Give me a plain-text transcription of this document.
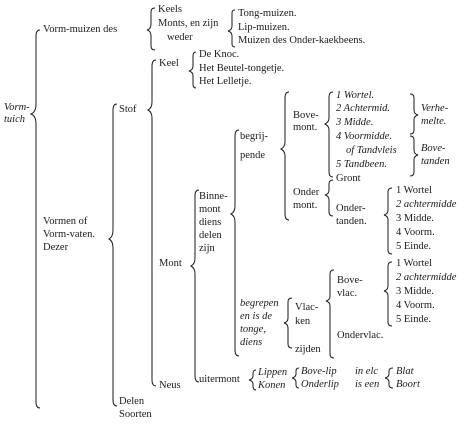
Vorm-
tuich
Vorm-muizen des
Keels
Monts, en zijn
weder
Tong-muizen.
Lip-muizen.
Muizen des Onder-kaekbeens.
Vormen of
Vorm-vaten.
Dezer
Stof
Delen
Soorten
Keel
De Knoc.
Het Beutel-tongetje.
Het Lelletje.
Mont
Neus
Binne-
mont
diens
delen
zijn
begrij-
pende
Bove-
mont.
1 Wortel.
2 Achtermid.
3 Midde.
4 Voormidde.
of Tandvleis
5 Tandbeen.
Verhe-
melte.
Bove-
tanden
Gront
Onder
mont. Onder-
tanden.
1 Wortel
2 achtermidde
3 Midde.
4 Voorm.
5 Einde.
begrepen
en is de
tonge,
diens
Vlac-
ken
zijden
Bove-
vlac.
1 Wortel
2 achtermidde
3 Midde.
4 Voorm.
5 Einde.
Ondervlac.
uitermont
Lippen
Konen
Bove-lip
Onderlip
in elc
is een
Blat
Boort
